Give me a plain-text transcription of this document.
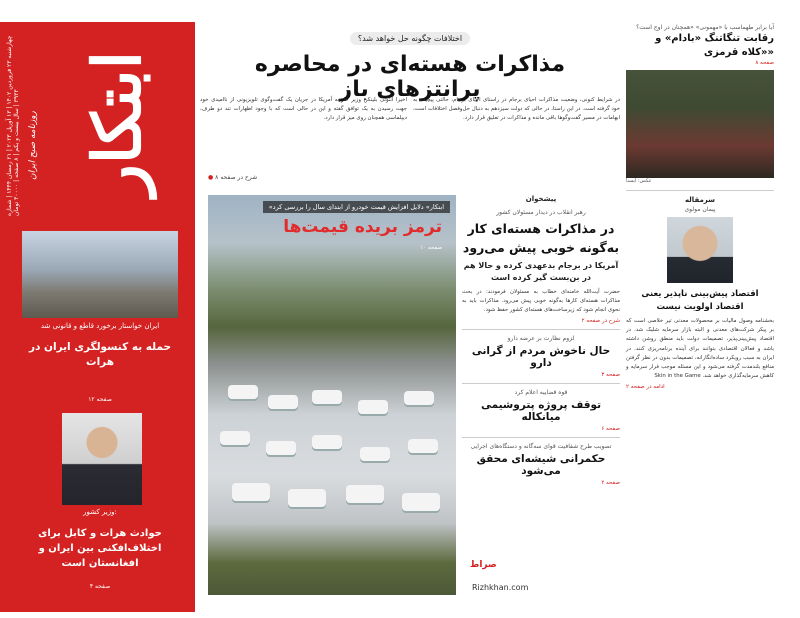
ابتکار
روزنامه صبح ایران
چهارشنبه ۲۳ فروردین ۱۴۰۲ | ۱۳ آوریل ۲۰۲۳ | ۲۱ رمضان ۱۴۴۴ | شماره ۳۹۳۳ | سال بیست و یکم | ۸ صفحه | ۳۰۰۰۰ تومان
ایران خواستار برخورد قاطع و قانونی شد
حمله به کنسولگری ایران در هرات
صفحه ۱۲
وزیر کشور:
حوادث هرات و کابل برای اختلاف‌افکنی بین ایران و افغانستان است
صفحه ۴
اختلافات چگونه حل خواهد شد؟
مذاکرات هسته‌ای در محاصره پرانتزهای باز
در شرایط کنونی، وضعیت مذاکرات احیای برجام در راستای احیای برجام، حالتی پیچیده به خود گرفته است. در این راستا، در حالی که دولت سیزدهم به دنبال حل‌وفصل اختلافات است، ابهامات در مسیر گفت‌وگوها باقی مانده و مذاکرات در تعلیق قرار دارد.
اخیرا آنتونی بلینکن وزیر خارجه آمریکا در جریان یک گفت‌وگوی تلویزیونی از ناامیدی خود جهت رسیدن به یک توافق گفته و این در حالی است که با وجود اظهارات تند دو طرف، دیپلماسی همچنان روی میز قرار دارد.
● شرح در صفحه ۸
«ابتکار» دلایل افزایش قیمت خودرو از ابتدای سال را بررسی کرد
ترمز بریده قیمت‌ها
صفحه ۱۰
پیشخوان
رهبر انقلاب در دیدار مسئولان کشور
در مذاکرات هسته‌ای کار به‌گونه خوبی پیش می‌رود
آمریکا در برجام بدعهدی کرده و حالا هم در بن‌بست گیر کرده است
حضرت آیت‌الله خامنه‌ای خطاب به مسئولان فرمودند: در بحث مذاکرات هسته‌ای کارها به‌گونه خوبی پیش می‌رود. مذاکرات باید به نحوی انجام شود که زیرساخت‌های هسته‌ای کشور حفظ شود.
شرح در صفحه ۲
لزوم نظارت بر عرضه دارو
حال ناخوش مردم از گرانی دارو
صفحه ۳
قوه قضاییه اعلام کرد
توقف پروژه پتروشیمی میانکاله
صفحه ۶
تصویب طرح شفافیت قوای سه‌گانه و دستگاه‌های اجرایی
حکمرانی شیشه‌ای محقق می‌شود
صفحه ۲
آیا برابر طهماسب با «مهمونی» «همچنان در اوج است؟
رقابت تنگاتنگ «بادام» و «کلاه قرمزی»
صفحه ۸
عکس: ایسنا
سرمقاله
پیمان مولوی
اقتصاد پیش‌بینی ناپذیر یعنی اقتصاد اولویت نیست
بخشنامه وصول مالیات بر محصولات معدنی تیر خلاصی است که بر پیکر شرکت‌های معدنی و البته بازار سرمایه شلیک شد. در اقتصاد پیش‌بینی‌پذیر، تصمیمات دولت باید منطق روشن داشته باشد و فعالان اقتصادی بتوانند برای آینده برنامه‌ریزی کنند. در ایران به سبب رویکرد ساده‌انگارانه، تصمیمات بدون در نظر گرفتن منافع بلندمدت گرفته می‌شود و این مسئله موجب فرار سرمایه و کاهش سرمایه‌گذاری خواهد شد. Skin in the Game
ادامه در صفحه ۲
صراط
Rizhkhan.com
